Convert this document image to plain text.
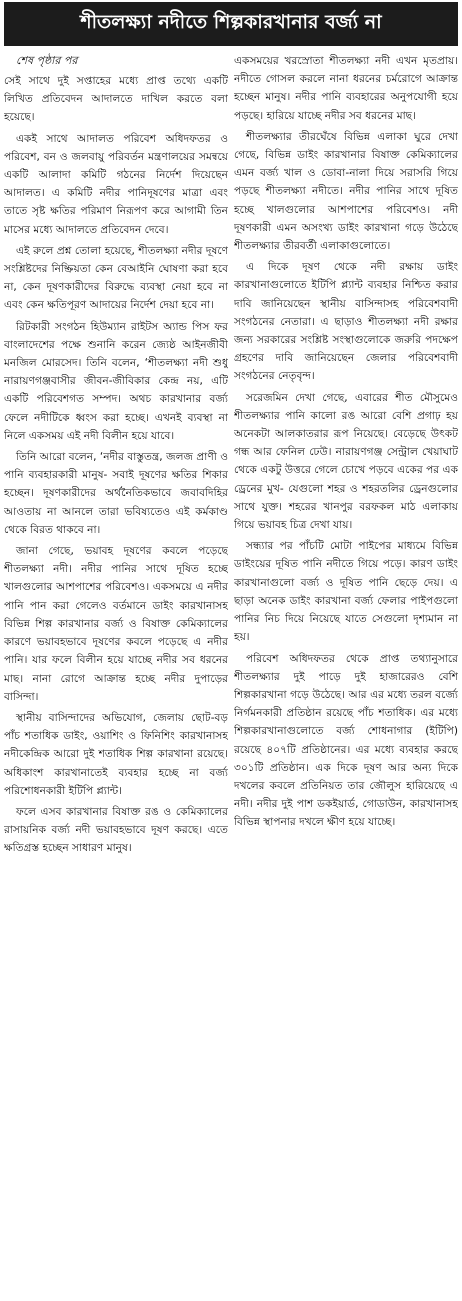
শীতলক্ষ্যা নদীতে শিল্পকারখানার বর্জ্য না
শেষ পৃষ্ঠার পর

সেই সাথে দুই সপ্তাহের মধ্যে প্রাপ্ত তথ্যে একটি লিখিত প্রতিবেদন আদালতে দাখিল করতে বলা হয়েছে।

একই সাথে আদালত পরিবেশ অধিদফতর ও পরিবেশ, বন ও জলবায়ু পরিবর্তন মন্ত্রণালয়ের সমন্বয়ে একটি আলাদা কমিটি গঠনের নির্দেশ দিয়েছেন আদালত। এ কমিটি নদীর পানিদূষণের মাত্রা এবং তাতে সৃষ্ট ক্ষতির পরিমাণ নিরূপণ করে আগামী তিন মাসের মধ্যে আদালতে প্রতিবেদন দেবে।

এই রুলে প্রশ্ন তোলা হয়েছে, শীতলক্ষ্যা নদীর দূষণে সংশ্লিষ্টদের নিষ্ক্রিয়তা কেন বেআইনি ঘোষণা করা হবে না, কেন দূষণকারীদের বিরুদ্ধে ব্যবস্থা নেয়া হবে না এবং কেন ক্ষতিপূরণ আদায়ের নির্দেশ দেয়া হবে না।

রিটকারী সংগঠন হিউম্যান রাইটস অ্যান্ড পিস ফর বাংলাদেশের পক্ষে শুনানি করেন জ্যেষ্ঠ আইনজীবী মনজিল মোরসেদ। তিনি বলেন, ‘শীতলক্ষ্যা নদী শুধু নারায়ণগঞ্জবাসীর জীবন-জীবিকার কেন্দ্র নয়, এটি একটি পরিবেশগত সম্পদ। অথচ কারখানার বর্জ্য ফেলে নদীটিকে ধ্বংস করা হচ্ছে। এখনই ব্যবস্থা না নিলে একসময় এই নদী বিলীন হয়ে যাবে।

তিনি আরো বলেন, ‘নদীর বাস্তুতন্ত্র, জলজ প্রাণী ও পানি ব্যবহারকারী মানুষ- সবাই দূষণের ক্ষতির শিকার হচ্ছেন। দূষণকারীদের অর্থনৈতিকভাবে জবাবদিহির আওতায় না আনলে তারা ভবিষ্যতেও এই কর্মকাণ্ড থেকে বিরত থাকবে না।

জানা গেছে, ভয়াবহ দূষণের কবলে পড়েছে শীতলক্ষ্যা নদী। নদীর পানির সাথে দূষিত হচ্ছে খালগুলোর আশপাশের পরিবেশও। একসময়ে এ নদীর পানি পান করা গেলেও বর্তমানে ডাইং কারখানাসহ বিভিন্ন শিল্প কারখানার বর্জ্য ও বিষাক্ত কেমিক্যালের কারণে ভয়াবহভাবে দূষণের কবলে পড়েছে এ নদীর পানি। যার ফলে বিলীন হয়ে যাচ্ছে নদীর সব ধরনের মাছ। নানা রোগে আক্রান্ত হচ্ছে নদীর দুপাড়ের বাসিন্দা।

স্থানীয় বাসিন্দাদের অভিযোগ, জেলায় ছোট-বড় পাঁচ শতাধিক ডাইং, ওয়াশিং ও ফিনিশিং কারখানাসহ নদীকেন্দ্রিক আরো দুই শতাধিক শিল্প কারখানা রয়েছে। অধিকাংশ কারখানাতেই ব্যবহার হচ্ছে না বর্জ্য পরিশোধনকারী ইটিপি প্ল্যান্ট।

ফলে এসব কারখানার বিষাক্ত রঙ ও কেমিক্যালের রাসায়নিক বর্জ্য নদী ভয়াবহভাবে দূষণ করছে। এতে ক্ষতিগ্রস্ত হচ্ছেন সাধারণ মানুষ।

একসময়ের খরস্রোতা শীতলক্ষ্যা নদী এখন মৃতপ্রায়। নদীতে গোসল করলে নানা ধরনের চর্মরোগে আক্রান্ত হচ্ছেন মানুষ। নদীর পানি ব্যবহারের অনুপযোগী হয়ে পড়ছে। হারিয়ে যাচ্ছে নদীর সব ধরনের মাছ।

শীতলক্ষ্যার তীরঘেঁষে বিভিন্ন এলাকা ঘুরে দেখা গেছে, বিভিন্ন ডাইং কারখানার বিষাক্ত কেমিক্যালের এমন বর্জ্য খাল ও ডোবা-নালা দিয়ে সরাসরি গিয়ে পড়ছে শীতলক্ষ্যা নদীতে। নদীর পানির সাথে দূষিত হচ্ছে খালগুলোর আশপাশের পরিবেশও। নদী দূষণকারী এমন অসংখ্য ডাইং কারখানা গড়ে উঠেছে শীতলক্ষ্যার তীরবর্তী এলাকাগুলোতে।

এ দিকে দূষণ থেকে নদী রক্ষায় ডাইং কারখানাগুলোতে ইটিপি প্ল্যান্ট ব্যবহার নিশ্চিত করার দাবি জানিয়েছেন স্থানীয় বাসিন্দাসহ পরিবেশবাদী সংগঠনের নেতারা। এ ছাড়াও শীতলক্ষ্যা নদী রক্ষার জন্য সরকারের সংশ্লিষ্ট সংস্থাগুলোকে জরুরি পদক্ষেপ গ্রহণের দাবি জানিয়েছেন জেলার পরিবেশবাদী সংগঠনের নেতৃবৃন্দ।

সরেজমিন দেখা গেছে, এবারের শীত মৌসুমেও শীতলক্ষ্যার পানি কালো রঙ আরো বেশি প্রগাঢ় হয় অনেকটা আলকাতরার রূপ নিয়েছে। বেড়েছে উৎকট গন্ধ আর ফেনিল ঢেউ। নারায়ণগঞ্জ সেন্ট্রাল খেয়াঘাট থেকে একটু উত্তরে গেলে চোখে পড়বে একের পর এক ড্রেনের মুখ- যেগুলো শহর ও শহরতলির ড্রেনগুলোর সাথে যুক্ত। শহরের খানপুর বরফকল মাঠ এলাকায় গিয়ে ভয়াবহ চিত্র দেখা যায়।

সন্ধ্যার পর পাঁচটি মোটা পাইপের মাধ্যমে বিভিন্ন ডাইংয়ের দূষিত পানি নদীতে গিয়ে পড়ে। কারণ ডাইং কারখানাগুলো বর্জ্য ও দূষিত পানি ছেড়ে দেয়। এ ছাড়া অনেক ডাইং কারখানা বর্জ্য ফেলার পাইপগুলো পানির নিচ দিয়ে নিয়েছে যাতে সেগুলো দৃশ্যমান না হয়।

পরিবেশ অধিদফতর থেকে প্রাপ্ত তথ্যানুসারে শীতলক্ষ্যার দুই পাড়ে দুই হাজারেরও বেশি শিল্পকারখানা গড়ে উঠেছে। আর এর মধ্যে তরল বর্জ্যে নির্গমনকারী প্রতিষ্ঠান রয়েছে পাঁচ শতাধিক। এর মধ্যে শিল্পকারখানাগুলোতে বর্জ্য শোধনাগার (ইটিপি) রয়েছে ৪০৭টি প্রতিষ্ঠানের। এর মধ্যে ব্যবহার করছে ৩০১টি প্রতিষ্ঠান। এক দিকে দূষণ আর অন্য দিকে দখলের কবলে প্রতিনিয়ত তার জৌলুস হারিয়েছে এ নদী। নদীর দুই পাশ ডকইয়ার্ড, গোডাউন, কারখানাসহ বিভিন্ন স্থাপনার দখলে ক্ষীণ হয়ে যাচ্ছে।
